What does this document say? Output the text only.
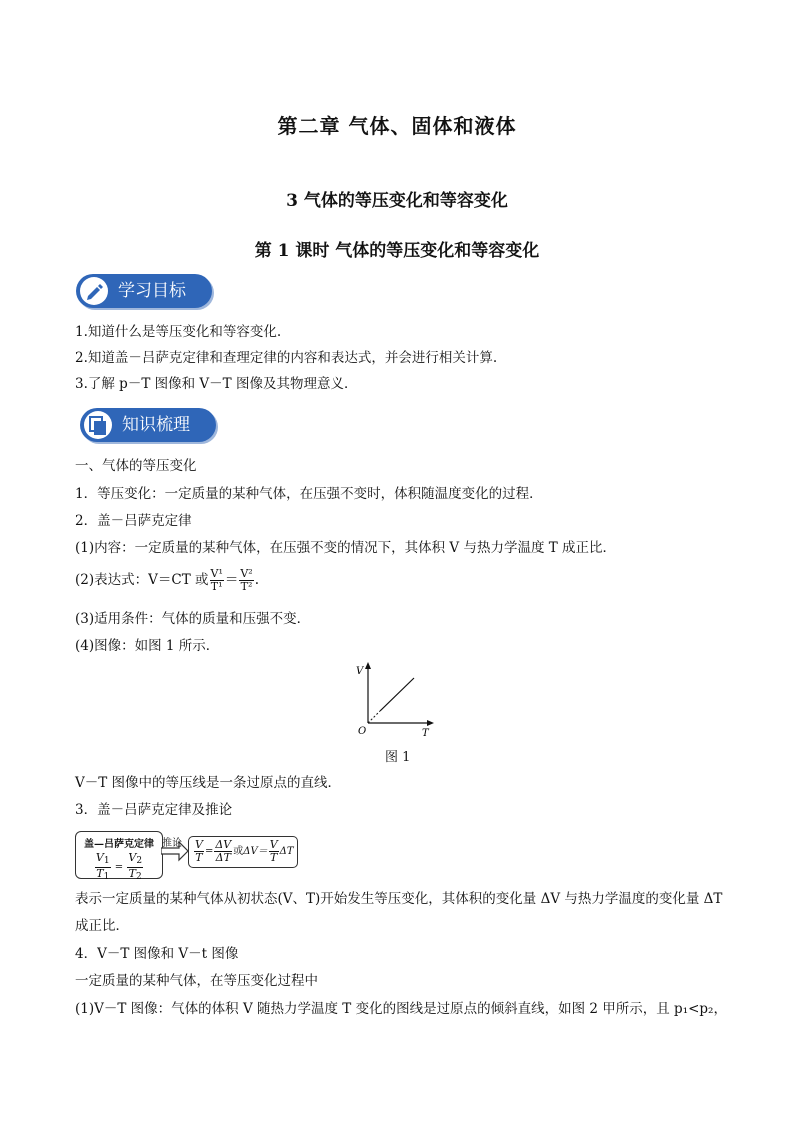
第二章 气体、固体和液体
3 气体的等压变化和等容变化
第 1 课时 气体的等压变化和等容变化
学习目标
1.知道什么是等压变化和等容变化.
2.知道盖－吕萨克定律和查理定律的内容和表达式，并会进行相关计算.
3.了解 p－T 图像和 V－T 图像及其物理意义．
知识梳理
一、气体的等压变化
1．等压变化：一定质量的某种气体，在压强不变时，体积随温度变化的过程．
2．盖－吕萨克定律
(1)内容：一定质量的某种气体，在压强不变的情况下，其体积 V 与热力学温度 T 成正比．
(2)表达式：V＝CT 或 $\frac{\text{V¹}}{\text{T¹}} = \frac{\text{V²}}{\text{T²}}$ .
(3)适用条件：气体的质量和压强不变．
(4)图像：如图 1 所示．
V
T
O
图 1
V－T 图像中的等压线是一条过原点的直线．
3．盖－吕萨克定律及推论
盖—吕萨克定律
$\frac{V_1}{T_1} = \frac{V_2}{T_2}$
推论 $\frac{V}{T} = \frac{\Delta V}{\Delta T}$ 或$\Delta V= \frac{V}{T}$ ΔT
表示一定质量的某种气体从初状态(V、T)开始发生等压变化，其体积的变化量 ΔV 与热力学温度的变化量 ΔT
成正比．
4．V－T 图像和 V－t 图像
一定质量的某种气体，在等压变化过程中
(1)V－T 图像：气体的体积 V 随热力学温度 T 变化的图线是过原点的倾斜直线，如图 2 甲所示，且 p₁<p₂，
